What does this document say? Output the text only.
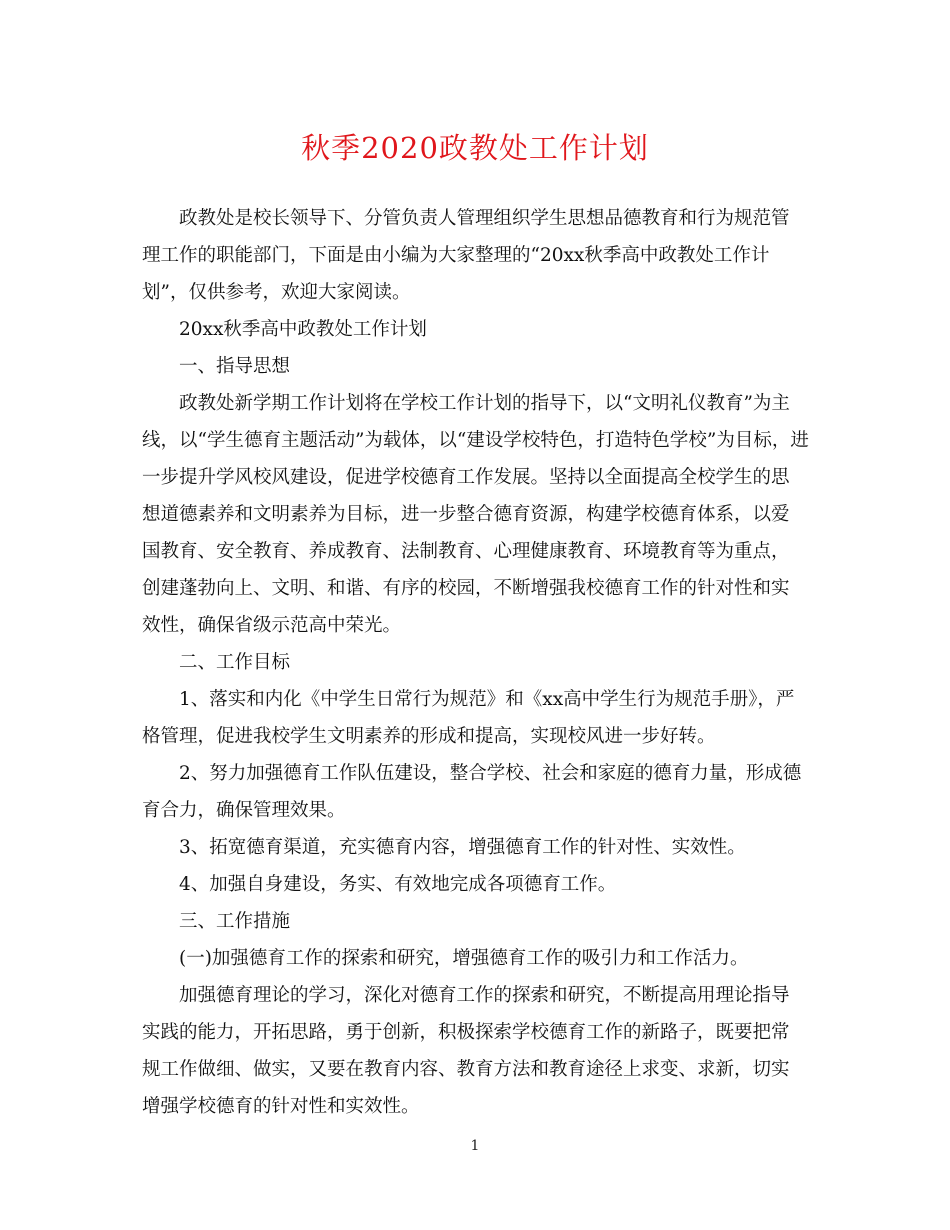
秋季2020政教处工作计划
政教处是校长领导下、分管负责人管理组织学生思想品德教育和行为规范管
理工作的职能部门，下面是由小编为大家整理的“20xx秋季高中政教处工作计
划”，仅供参考，欢迎大家阅读。
20xx秋季高中政教处工作计划
一、指导思想
政教处新学期工作计划将在学校工作计划的指导下，以“文明礼仪教育”为主
线，以“学生德育主题活动”为载体，以“建设学校特色，打造特色学校”为目标，进
一步提升学风校风建设，促进学校德育工作发展。坚持以全面提高全校学生的思
想道德素养和文明素养为目标，进一步整合德育资源，构建学校德育体系，以爱
国教育、安全教育、养成教育、法制教育、心理健康教育、环境教育等为重点，
创建蓬勃向上、文明、和谐、有序的校园，不断增强我校德育工作的针对性和实
效性，确保省级示范高中荣光。
二、工作目标
1、落实和内化《中学生日常行为规范》和《xx高中学生行为规范手册》，严
格管理，促进我校学生文明素养的形成和提高，实现校风进一步好转。
2、努力加强德育工作队伍建设，整合学校、社会和家庭的德育力量，形成德
育合力，确保管理效果。
3、拓宽德育渠道，充实德育内容，增强德育工作的针对性、实效性。
4、加强自身建设，务实、有效地完成各项德育工作。
三、工作措施
(一)加强德育工作的探索和研究，增强德育工作的吸引力和工作活力。
加强德育理论的学习，深化对德育工作的探索和研究，不断提高用理论指导
实践的能力，开拓思路，勇于创新，积极探索学校德育工作的新路子，既要把常
规工作做细、做实，又要在教育内容、教育方法和教育途径上求变、求新，切实
增强学校德育的针对性和实效性。
1
